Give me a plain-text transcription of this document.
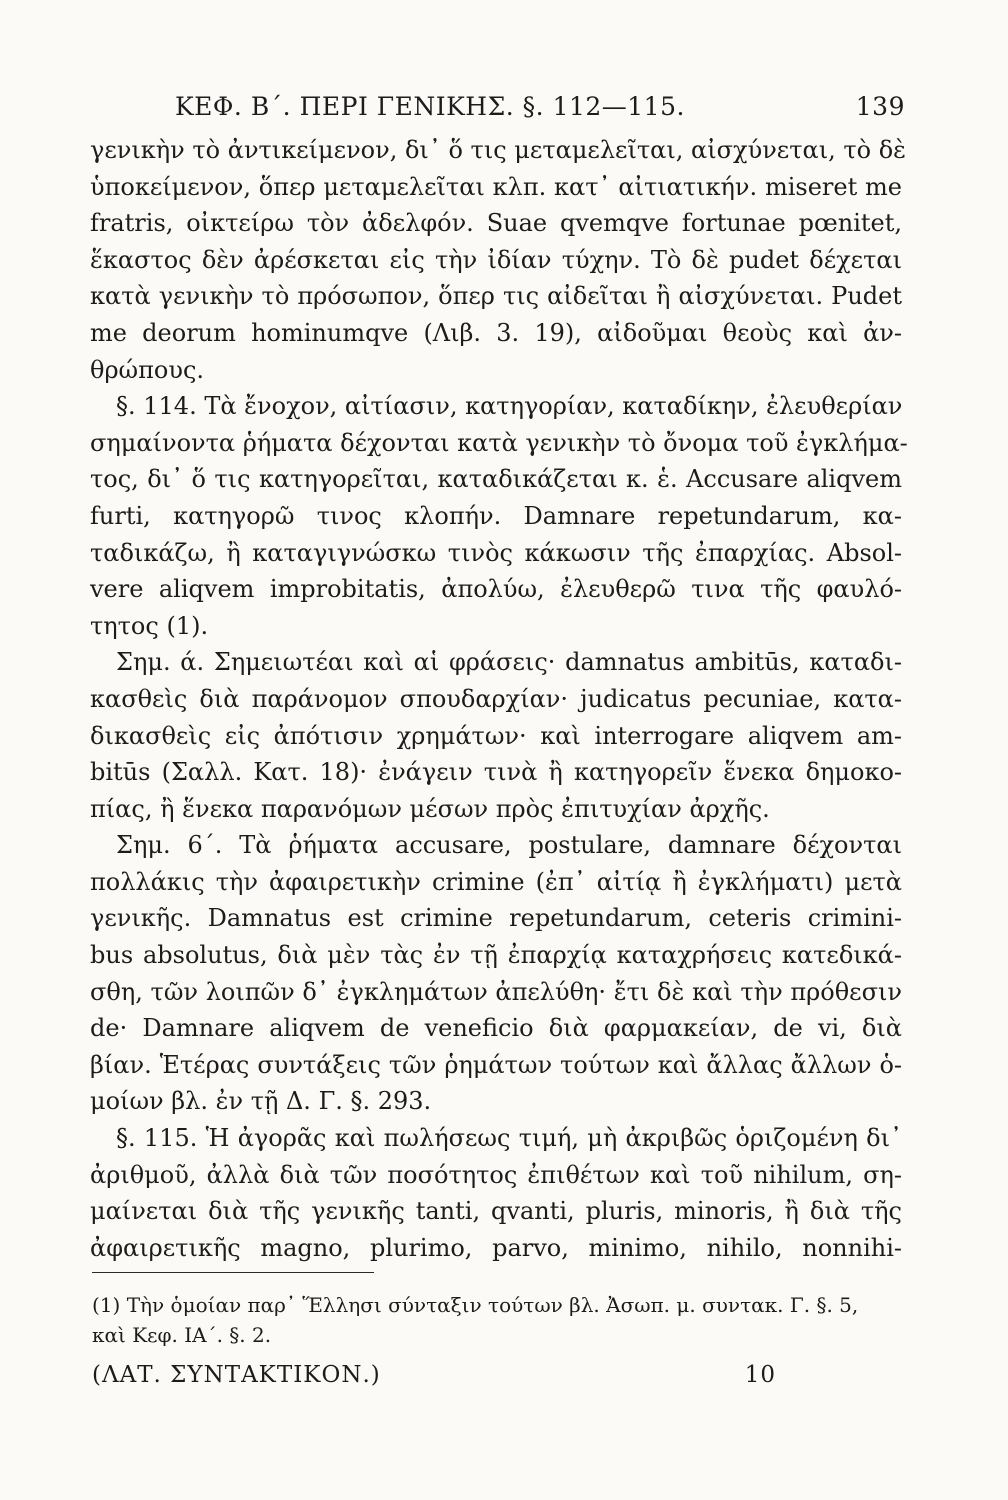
ΚΕΦ. Β΄. ΠΕΡΙ ΓΕΝΙΚΗΣ. §. 112—115.	139
γενικὴν τὸ ἀντικείμενον, δι᾽ ὅ τις μεταμελεῖται, αἰσχύνεται, τὸ δὲ
ὑποκείμενον, ὅπερ μεταμελεῖται κλπ. κατ᾽ αἰτιατικήν. miseret me
fratris, οἰκτείρω τὸν ἀδελφόν. Suae qvemqve fortunae pœnitet,
ἕκαστος δὲν ἀρέσκεται εἰς τὴν ἰδίαν τύχην. Τὸ δὲ pudet δέχεται
κατὰ γενικὴν τὸ πρόσωπον, ὅπερ τις αἰδεῖται ἢ αἰσχύνεται. Pudet
me deorum hominumqve (Λιβ. 3. 19), αἰδοῦμαι θεοὺς καὶ ἀν-
θρώπους.
§. 114. Τὰ ἔνοχον, αἰτίασιν, κατηγορίαν, καταδίκην, ἐλευθερίαν
σημαίνοντα ῥήματα δέχονται κατὰ γενικὴν τὸ ὄνομα τοῦ ἐγκλήμα-
τος, δι᾽ ὅ τις κατηγορεῖται, καταδικάζεται κ. ἑ. Accusare aliqvem
furti, κατηγορῶ τινος κλοπήν. Damnare repetundarum, κα-
ταδικάζω, ἢ καταγιγνώσκω τινὸς κάκωσιν τῆς ἐπαρχίας. Absol-
vere aliqvem improbitatis, ἀπολύω, ἐλευθερῶ τινα τῆς φαυλό-
τητος (1).
Σημ. ά. Σημειωτέαι καὶ αἱ φράσεις· damnatus ambitūs, καταδι-
κασθεὶς διὰ παράνομον σπουδαρχίαν· judicatus pecuniae, κατα-
δικασθεὶς εἰς ἀπότισιν χρημάτων· καὶ interrogare aliqvem am-
bitūs (Σαλλ. Κατ. 18)· ἐνάγειν τινὰ ἢ κατηγορεῖν ἕνεκα δημοκο-
πίας, ἢ ἕνεκα παρανόμων μέσων πρὸς ἐπιτυχίαν ἀρχῆς.
Σημ. 6΄. Τὰ ῥήματα accusare, postulare, damnare δέχονται
πολλάκις τὴν ἀφαιρετικὴν crimine (ἐπ᾽ αἰτίᾳ ἢ ἐγκλήματι) μετὰ
γενικῆς. Damnatus est crimine repetundarum, ceteris crimini-
bus absolutus, διὰ μὲν τὰς ἐν τῇ ἐπαρχίᾳ καταχρήσεις κατεδικά-
σθη, τῶν λοιπῶν δ᾽ ἐγκλημάτων ἀπελύθη· ἔτι δὲ καὶ τὴν πρόθεσιν
de· Damnare aliqvem de veneficio διὰ φαρμακείαν, de vi, διὰ
βίαν. Ἑτέρας συντάξεις τῶν ῥημάτων τούτων καὶ ἄλλας ἄλλων ὁ-
μοίων βλ. ἐν τῇ Δ. Γ. §. 293.
§. 115. Ἡ ἀγορᾶς καὶ πωλήσεως τιμή, μὴ ἀκριβῶς ὁριζομένη δι᾽
ἀριθμοῦ, ἀλλὰ διὰ τῶν ποσότητος ἐπιθέτων καὶ τοῦ nihilum, ση-
μαίνεται διὰ τῆς γενικῆς tanti, qvanti, pluris, minoris, ἢ διὰ τῆς
ἀφαιρετικῆς magno, plurimo, parvo, minimo, nihilo, nonnihi-
(1) Τὴν ὁμοίαν παρ᾽ Ἕλλησι σύνταξιν τούτων βλ. Ἀσωπ. μ. συντακ. Γ. §. 5,
καὶ Κεφ. ΙΑ΄. §. 2.
(ΛΑΤ. ΣΥΝΤΑΚΤΙΚΟΝ.)	10
